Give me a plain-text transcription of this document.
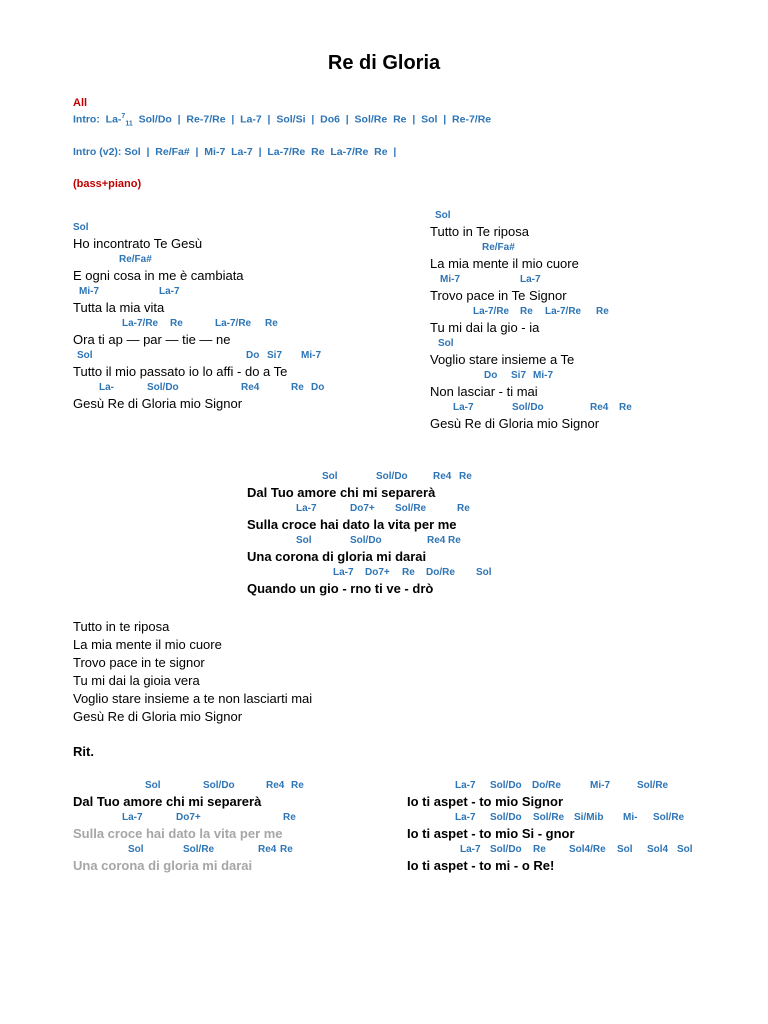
Re di Gloria
All
Intro: La-$^7_{11}$ Sol/Do  |  Re-7/Re  |  La-7  |  Sol/Si  |  Do6  |  Sol/Re  Re  |  Sol  |  Re-7/Re
Intro (v2): Sol  |  Re/Fa#  |  Mi-7  La-7  |  La-7/Re  Re  La-7/Re  Re  |
(bass+piano)
Sol
Ho incontrato Te Gesù
Re/Fa#
E ogni cosa in me è cambiata
Mi-7	La-7
Tutta la mia vita
La-7/Re Re	La-7/Re Re
Ora ti ap — par — tie — ne
Sol	Do Si7 Mi-7
Tutto il mio passato io lo affi - do a Te
La-	Sol/Do	Re4	Re Do
Gesù Re di Gloria mio Signor
Sol
Tutto in Te riposa
Re/Fa#
La mia mente il mio cuore
Mi-7	La-7
Trovo pace in Te Signor
La-7/Re Re La-7/Re Re
Tu mi dai la gio - ia
Sol
Voglio stare insieme a Te
Do Si7 Mi-7
Non lasciar - ti mai
La-7	Sol/Do	Re4 Re
Gesù Re di Gloria mio Signor
Sol	Sol/Do	Re4 Re
Dal Tuo amore chi mi separerà
La-7	Do7+ Sol/Re	Re
Sulla croce hai dato la vita per me
Sol	Sol/Do	Re4 Re
Una corona di gloria mi darai
La-7 Do7+ Re Do/Re Sol
Quando un gio - rno ti ve - drò
Tutto in te riposa
La mia mente il mio cuore
Trovo pace in te signor
Tu mi dai la gioia vera
Voglio stare insieme a te non lasciarti mai
Gesù Re di Gloria mio Signor
Rit.
Sol	Sol/Do	Re4 Re
Dal Tuo amore chi mi separerà
La-7	Do7+	Re
Sulla croce hai dato la vita per me
Sol	Sol/Re	Re4 Re
Una corona di gloria mi darai
La-7 Sol/Do Do/Re	Mi-7	Sol/Re
Io ti aspet - to mio Signor
La-7 Sol/Do Sol/Re Si/Mib Mi- Sol/Re
Io ti aspet - to mio Si - gnor
La-7 Sol/Do Re Sol4/Re Sol Sol4 Sol
Io ti aspet - to mi - o Re!
